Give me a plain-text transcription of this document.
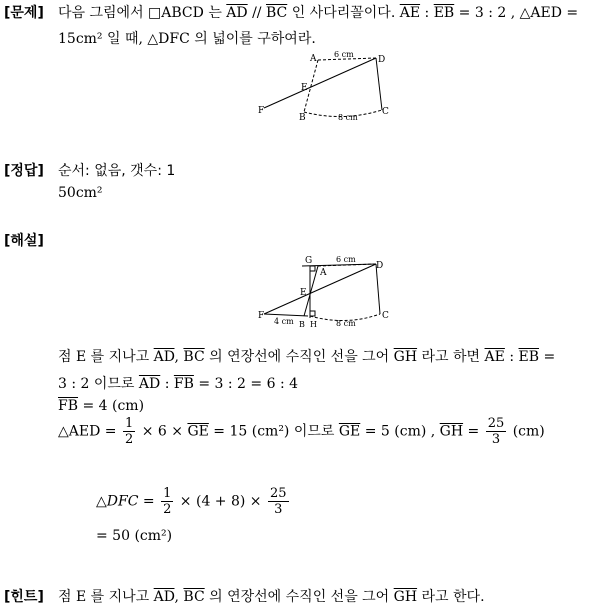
[문제] 다음 그림에서 □ABCD 는 $\overline{AD} // \overline{BC}$ 인 사다리꼴이다. $\overline{AE}$ : $\overline{EB} = 3$ : 2 , △AED =
15cm² 일 때, △DFC 의 넓이를 구하여라.
A	D
E
F
B
C
6 cm
8 cm
[정답] 순서: 없음, 갯수: 1
50cm²
[해설]
G
A
D
E
F
B H
C
6 cm
8 cm
4 cm
점 E 를 지나고 $\overline{AD}$, $\overline{BC}$ 의 연장선에 수직인 선을 그어 $\overline{GH}$ 라고 하면 $\overline{AE}$ : $\overline{EB}$ =
3 : 2 이므로 $\overline{AD}$ : $\overline{FB} = 3$ : 2 = 6 : 4
$\overline{FB} = 4$ (cm)
△AED = $\frac{1}{2} \times 6 \times \overline{GE} = 15$ (cm²) 이므로 $\overline{GE} = 5$ (cm) , $\overline{GH} = \frac{25}{3} (cm)$
△DFC = $\frac{1}{2} \times (4 + 8) \times \frac{25}{3}$
= 50 (cm²)
[힌트] 점 E 를 지나고 $\overline{AD}$, $\overline{BC}$ 의 연장선에 수직인 선을 그어 $\overline{GH}$ 라고 한다.
